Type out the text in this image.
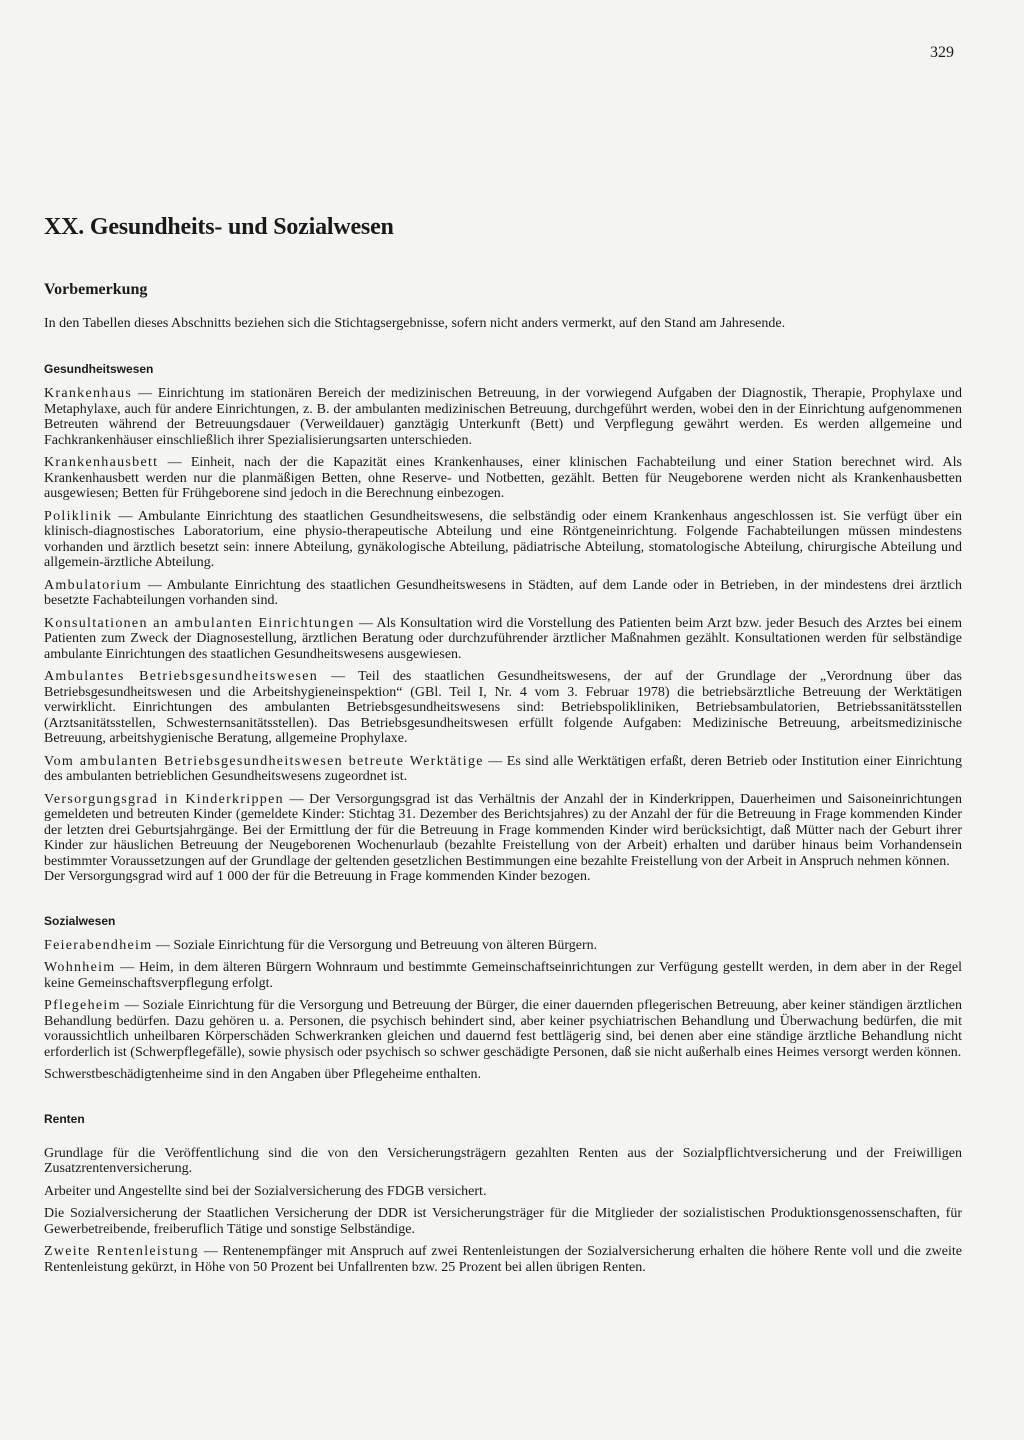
329
XX. Gesundheits- und Sozialwesen
Vorbemerkung

In den Tabellen dieses Abschnitts beziehen sich die Stichtagsergebnisse, sofern nicht anders vermerkt, auf den Stand am Jahresende.

Gesundheitswesen

Krankenhaus — Einrichtung im stationären Bereich der medizinischen Betreuung, in der vorwiegend Aufgaben der Diagnostik, Therapie, Prophylaxe und Metaphylaxe, auch für andere Einrichtungen, z. B. der ambulanten medizinischen Betreuung, durchgeführt werden, wobei den in der Einrichtung aufgenommenen Betreuten während der Betreuungsdauer (Verweildauer) ganztägig Unterkunft (Bett) und Verpflegung gewährt werden. Es werden allgemeine und Fachkrankenhäuser einschließlich ihrer Spezialisierungsarten unterschieden.

Krankenhausbett — Einheit, nach der die Kapazität eines Krankenhauses, einer klinischen Fachabteilung und einer Station berechnet wird. Als Krankenhausbett werden nur die planmäßigen Betten, ohne Reserve- und Notbetten, gezählt. Betten für Neugeborene werden nicht als Krankenhausbetten ausgewiesen; Betten für Frühgeborene sind jedoch in die Berechnung einbezogen.

Poliklinik — Ambulante Einrichtung des staatlichen Gesundheitswesens, die selbständig oder einem Krankenhaus angeschlossen ist. Sie verfügt über ein klinisch-diagnostisches Laboratorium, eine physio-therapeutische Abteilung und eine Röntgeneinrichtung. Folgende Fachabteilungen müssen mindestens vorhanden und ärztlich besetzt sein: innere Abteilung, gynäkologische Abteilung, pädiatrische Abteilung, stomatologische Abteilung, chirurgische Abteilung und allgemein-ärztliche Abteilung.

Ambulatorium — Ambulante Einrichtung des staatlichen Gesundheitswesens in Städten, auf dem Lande oder in Betrieben, in der mindestens drei ärztlich besetzte Fachabteilungen vorhanden sind.

Konsultationen an ambulanten Einrichtungen — Als Konsultation wird die Vorstellung des Patienten beim Arzt bzw. jeder Besuch des Arztes bei einem Patienten zum Zweck der Diagnosestellung, ärztlichen Beratung oder durchzuführender ärztlicher Maßnahmen gezählt. Konsultationen werden für selbständige ambulante Einrichtungen des staatlichen Gesundheitswesens ausgewiesen.

Ambulantes Betriebsgesundheitswesen — Teil des staatlichen Gesundheitswesens, der auf der Grundlage der „Verordnung über das Betriebsgesundheitswesen und die Arbeitshygieneinspektion“ (GBl. Teil I, Nr. 4 vom 3. Februar 1978) die betriebsärztliche Betreuung der Werktätigen verwirklicht. Einrichtungen des ambulanten Betriebsgesundheitswesens sind: Betriebspolikliniken, Betriebsambulatorien, Betriebssanitätsstellen (Arztsanitätsstellen, Schwesternsanitätsstellen). Das Betriebsgesundheitswesen erfüllt folgende Aufgaben: Medizinische Betreuung, arbeitsmedizinische Betreuung, arbeitshygienische Beratung, allgemeine Prophylaxe.

Vom ambulanten Betriebsgesundheitswesen betreute Werktätige — Es sind alle Werktätigen erfaßt, deren Betrieb oder Institution einer Einrichtung des ambulanten betrieblichen Gesundheitswesens zugeordnet ist.

Versorgungsgrad in Kinderkrippen — Der Versorgungsgrad ist das Verhältnis der Anzahl der in Kinderkrippen, Dauerheimen und Saisoneinrichtungen gemeldeten und betreuten Kinder (gemeldete Kinder: Stichtag 31. Dezember des Berichtsjahres) zu der Anzahl der für die Betreuung in Frage kommenden Kinder der letzten drei Geburtsjahrgänge. Bei der Ermittlung der für die Betreuung in Frage kommenden Kinder wird berücksichtigt, daß Mütter nach der Geburt ihrer Kinder zur häuslichen Betreuung der Neugeborenen Wochenurlaub (bezahlte Freistellung von der Arbeit) erhalten und darüber hinaus beim Vorhandensein bestimmter Voraussetzungen auf der Grundlage der geltenden gesetzlichen Bestimmungen eine bezahlte Freistellung von der Arbeit in Anspruch nehmen können.

Der Versorgungsgrad wird auf 1 000 der für die Betreuung in Frage kommenden Kinder bezogen.

Sozialwesen

Feierabendheim — Soziale Einrichtung für die Versorgung und Betreuung von älteren Bürgern.

Wohnheim — Heim, in dem älteren Bürgern Wohnraum und bestimmte Gemeinschaftseinrichtungen zur Verfügung gestellt werden, in dem aber in der Regel keine Gemeinschaftsverpflegung erfolgt.

Pflegeheim — Soziale Einrichtung für die Versorgung und Betreuung der Bürger, die einer dauernden pflegerischen Betreuung, aber keiner ständigen ärztlichen Behandlung bedürfen. Dazu gehören u. a. Personen, die psychisch behindert sind, aber keiner psychiatrischen Behandlung und Überwachung bedürfen, die mit voraussichtlich unheilbaren Körperschäden Schwerkranken gleichen und dauernd fest bettlägerig sind, bei denen aber eine ständige ärztliche Behandlung nicht erforderlich ist (Schwerpflegefälle), sowie physisch oder psychisch so schwer geschädigte Personen, daß sie nicht außerhalb eines Heimes versorgt werden können.

Schwerstbeschädigtenheime sind in den Angaben über Pflegeheime enthalten.

Renten

Grundlage für die Veröffentlichung sind die von den Versicherungsträgern gezahlten Renten aus der Sozialpflichtversicherung und der Freiwilligen Zusatzrentenversicherung.

Arbeiter und Angestellte sind bei der Sozialversicherung des FDGB versichert.

Die Sozialversicherung der Staatlichen Versicherung der DDR ist Versicherungsträger für die Mitglieder der sozialistischen Produktionsgenossenschaften, für Gewerbetreibende, freiberuflich Tätige und sonstige Selbständige.

Zweite Rentenleistung — Rentenempfänger mit Anspruch auf zwei Rentenleistungen der Sozialversicherung erhalten die höhere Rente voll und die zweite Rentenleistung gekürzt, in Höhe von 50 Prozent bei Unfallrenten bzw. 25 Prozent bei allen übrigen Renten.
